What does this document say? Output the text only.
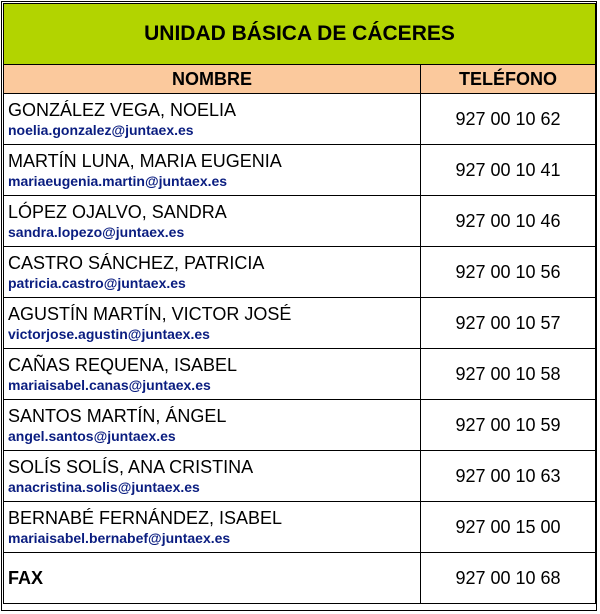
UNIDAD BÁSICA DE CÁCERES	
NOMBRE	TELÉFONO

GONZÁLEZ VEGA, NOELIA
noelia.gonzalez@juntaex.es	927 00 10 62

MARTÍN LUNA, MARIA EUGENIA
mariaeugenia.martin@juntaex.es	927 00 10 41

LÓPEZ OJALVO, SANDRA
sandra.lopezo@juntaex.es	927 00 10 46

CASTRO SÁNCHEZ, PATRICIA
patricia.castro@juntaex.es	927 00 10 56

AGUSTÍN MARTÍN, VICTOR JOSÉ
victorjose.agustin@juntaex.es	927 00 10 57

CAÑAS REQUENA, ISABEL
mariaisabel.canas@juntaex.es	927 00 10 58

SANTOS MARTÍN, ÁNGEL
angel.santos@juntaex.es	927 00 10 59

SOLÍS SOLÍS, ANA CRISTINA
anacristina.solis@juntaex.es	927 00 10 63

BERNABÉ FERNÁNDEZ, ISABEL
mariaisabel.bernabef@juntaex.es	927 00 15 00
FAX	927 00 10 68
